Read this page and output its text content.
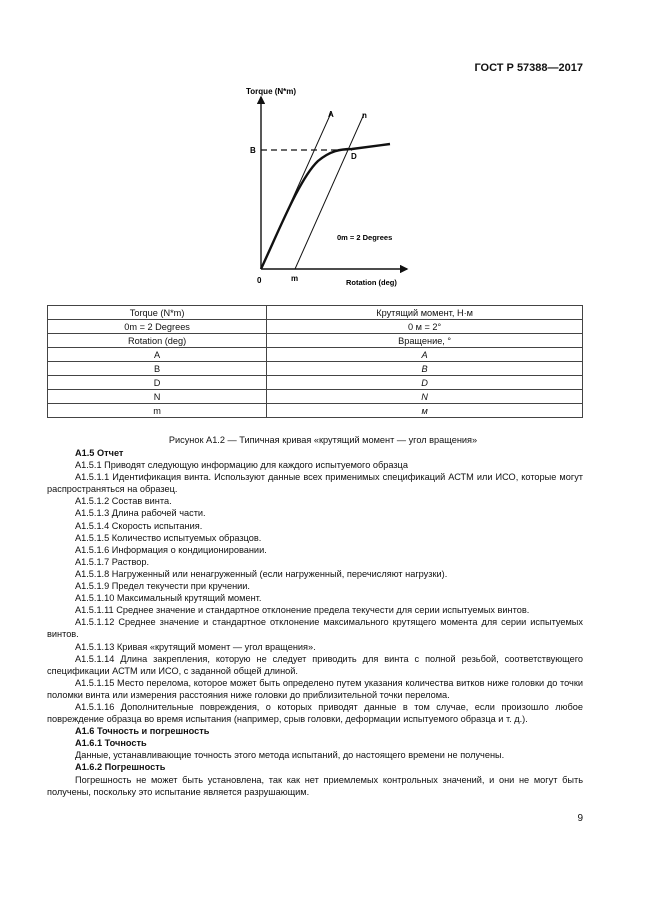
ГОСТ Р 57388—2017
Torque (N*m)
A	n
B
D
0m = 2 Degrees
0	m	Rotation (deg)
Torque (N*m)	Крутящий момент, Н·м
0m = 2 Degrees	0 м = 2°
Rotation (deg)	Вращение, °
A	A
B	B
D	D
N	N
m	м
Рисунок А1.2 — Типичная кривая «крутящий момент — угол вращения»

А1.5 Отчет

А1.5.1 Приводят следующую информацию для каждого испытуемого образца

А1.5.1.1 Идентификация винта. Используют данные всех применимых спецификаций АСТМ или ИСО, которые могут распространяться на образец.

А1.5.1.2 Состав винта.

А1.5.1.3 Длина рабочей части.

А1.5.1.4 Скорость испытания.

А1.5.1.5 Количество испытуемых образцов.

А1.5.1.6 Информация о кондиционировании.

А1.5.1.7 Раствор.

А1.5.1.8 Нагруженный или ненагруженный (если нагруженный, перечисляют нагрузки).

А1.5.1.9 Предел текучести при кручении.

А1.5.1.10 Максимальный крутящий момент.

А1.5.1.11 Среднее значение и стандартное отклонение предела текучести для серии испытуемых винтов.

А1.5.1.12 Среднее значение и стандартное отклонение максимального крутящего момента для серии испытуемых винтов.

А1.5.1.13 Кривая «крутящий момент — угол вращения».

А1.5.1.14 Длина закрепления, которую не следует приводить для винта с полной резьбой, соответствующего спецификации АСТМ или ИСО, с заданной общей длиной.

А1.5.1.15 Место перелома, которое может быть определено путем указания количества витков ниже головки до точки поломки винта или измерения расстояния ниже головки до приблизительной точки перелома.

А1.5.1.16 Дополнительные повреждения, о которых приводят данные в том случае, если произошло любое повреждение образца во время испытания (например, срыв головки, деформации испытуемого образца и т. д.).

А1.6 Точность и погрешность

А1.6.1 Точность

Данные, устанавливающие точность этого метода испытаний, до настоящего времени не получены.

А1.6.2 Погрешность

Погрешность не может быть установлена, так как нет приемлемых контрольных значений, и они не могут быть получены, поскольку это испытание является разрушающим.

9
